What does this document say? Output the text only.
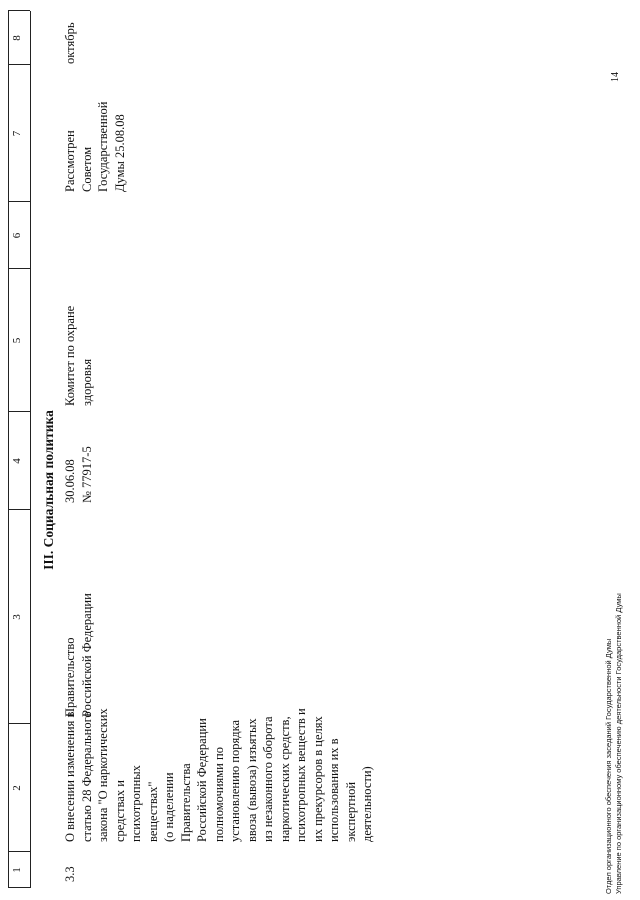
1
2
3
4
5
6
7
8
III. Социальная политика
3.3
О внесении изменения в статью 28 Федерального закона "О наркотических средствах и психотропных веществах" (о наделении Правительства Российской Федерации полномочиями по установлению порядка ввоза (вывоза) изъятых из незаконного оборота наркотических средств, психотропных веществ и их прекурсоров в целях использования их в экспертной деятельности)
Правительство Российской Федерации
30.06.08 № 77917-5
Комитет по охране здоровья
Рассмотрен Советом Государственной Думы 25.08.08
октябрь
Отдел организационного обеспечения заседаний Государственной Думы Управление по организационному обеспечению деятельности Государственной Думы
14
